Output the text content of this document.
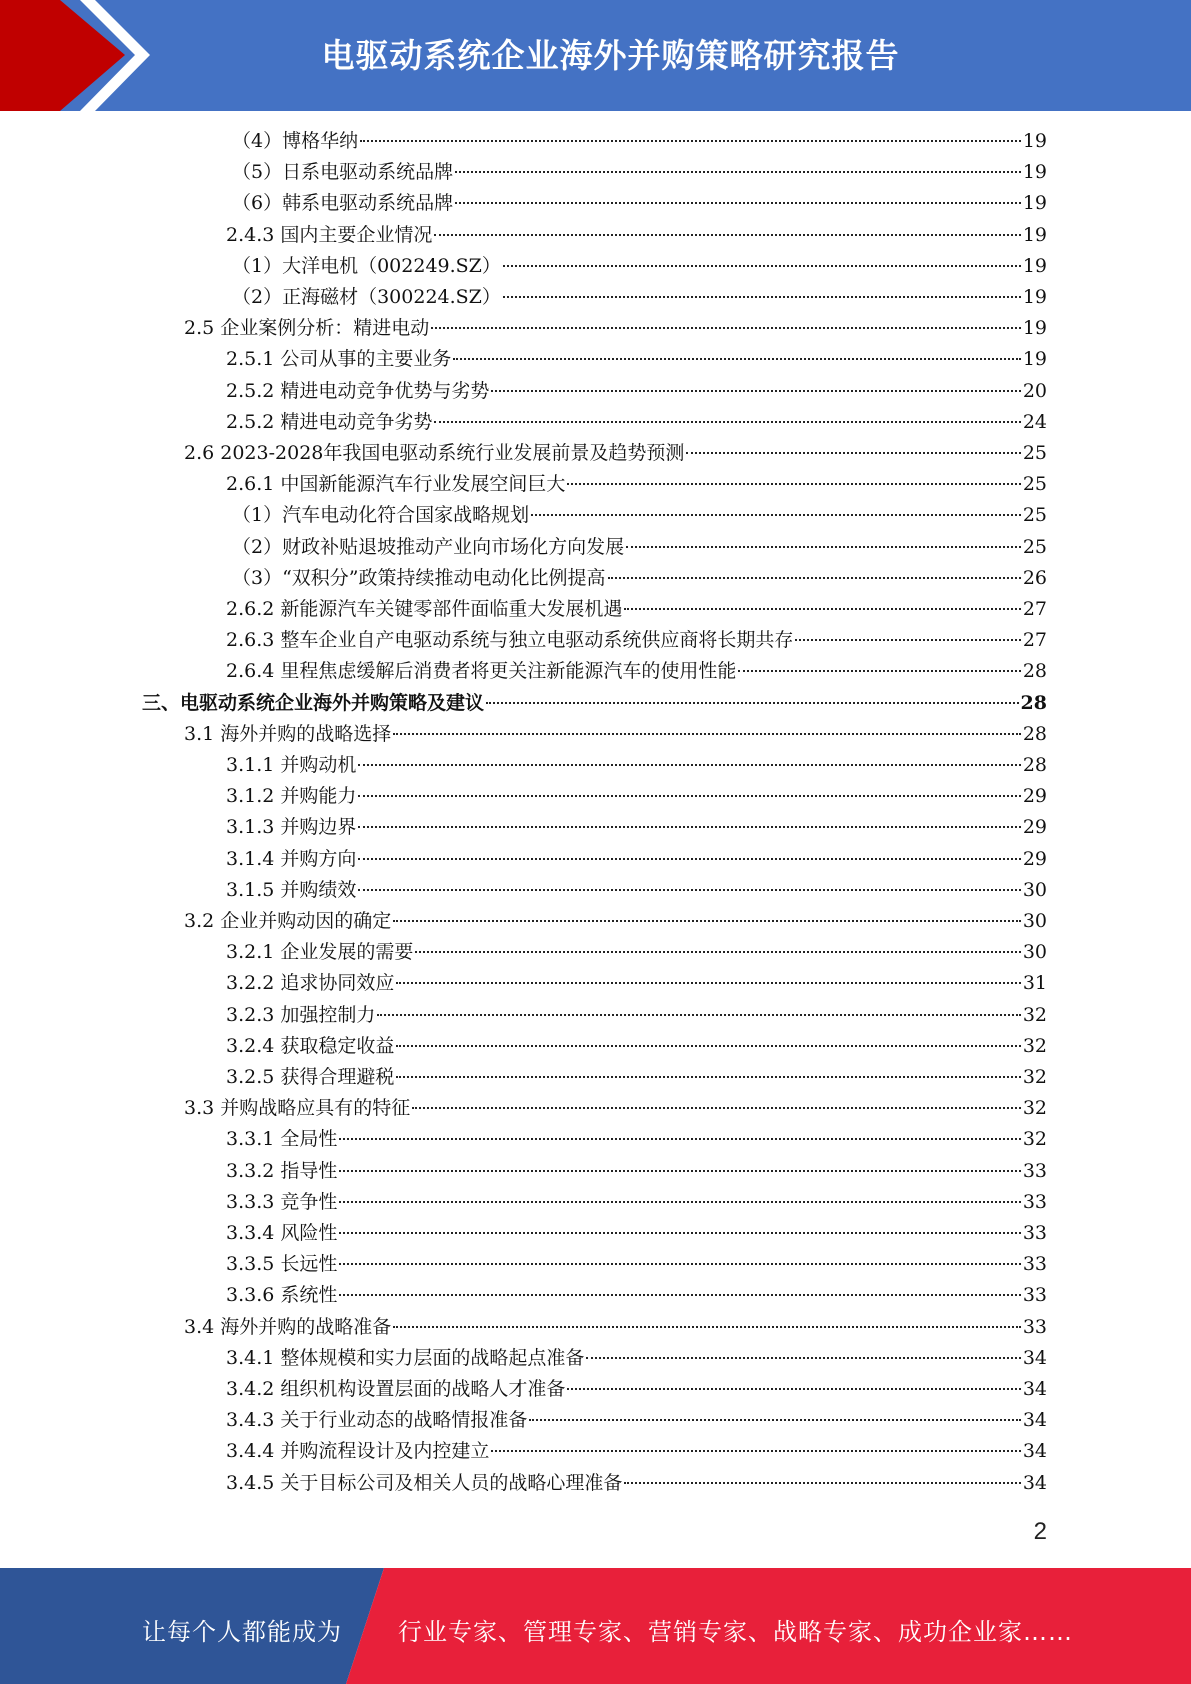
电驱动系统企业海外并购策略研究报告
（4）博格华纳	19
（5）日系电驱动系统品牌	19
（6）韩系电驱动系统品牌	19
2.4.3 国内主要企业情况	19
（1）大洋电机（002249.SZ）	19
（2）正海磁材（300224.SZ）	19
2.5 企业案例分析：精进电动	19
2.5.1 公司从事的主要业务	19
2.5.2 精进电动竞争优势与劣势	20
2.5.2 精进电动竞争劣势	24
2.6 2023-2028年我国电驱动系统行业发展前景及趋势预测	25
2.6.1 中国新能源汽车行业发展空间巨大	25
（1）汽车电动化符合国家战略规划	25
（2）财政补贴退坡推动产业向市场化方向发展	25
（3）“双积分”政策持续推动电动化比例提高	26
2.6.2 新能源汽车关键零部件面临重大发展机遇	27
2.6.3 整车企业自产电驱动系统与独立电驱动系统供应商将长期共存	27
2.6.4 里程焦虑缓解后消费者将更关注新能源汽车的使用性能	28
三、电驱动系统企业海外并购策略及建议	28
3.1 海外并购的战略选择	28
3.1.1 并购动机	28
3.1.2 并购能力	29
3.1.3 并购边界	29
3.1.4 并购方向	29
3.1.5 并购绩效	30
3.2 企业并购动因的确定	30
3.2.1 企业发展的需要	30
3.2.2 追求协同效应	31
3.2.3 加强控制力	32
3.2.4 获取稳定收益	32
3.2.5 获得合理避税	32
3.3 并购战略应具有的特征	32
3.3.1 全局性	32
3.3.2 指导性	33
3.3.3 竞争性	33
3.3.4 风险性	33
3.3.5 长远性	33
3.3.6 系统性	33
3.4 海外并购的战略准备	33
3.4.1 整体规模和实力层面的战略起点准备	34
3.4.2 组织机构设置层面的战略人才准备	34
3.4.3 关于行业动态的战略情报准备	34
3.4.4 并购流程设计及内控建立	34
3.4.5 关于目标公司及相关人员的战略心理准备	34
2
让每个人都能成为 行业专家、管理专家、营销专家、战略专家、成功企业家……
